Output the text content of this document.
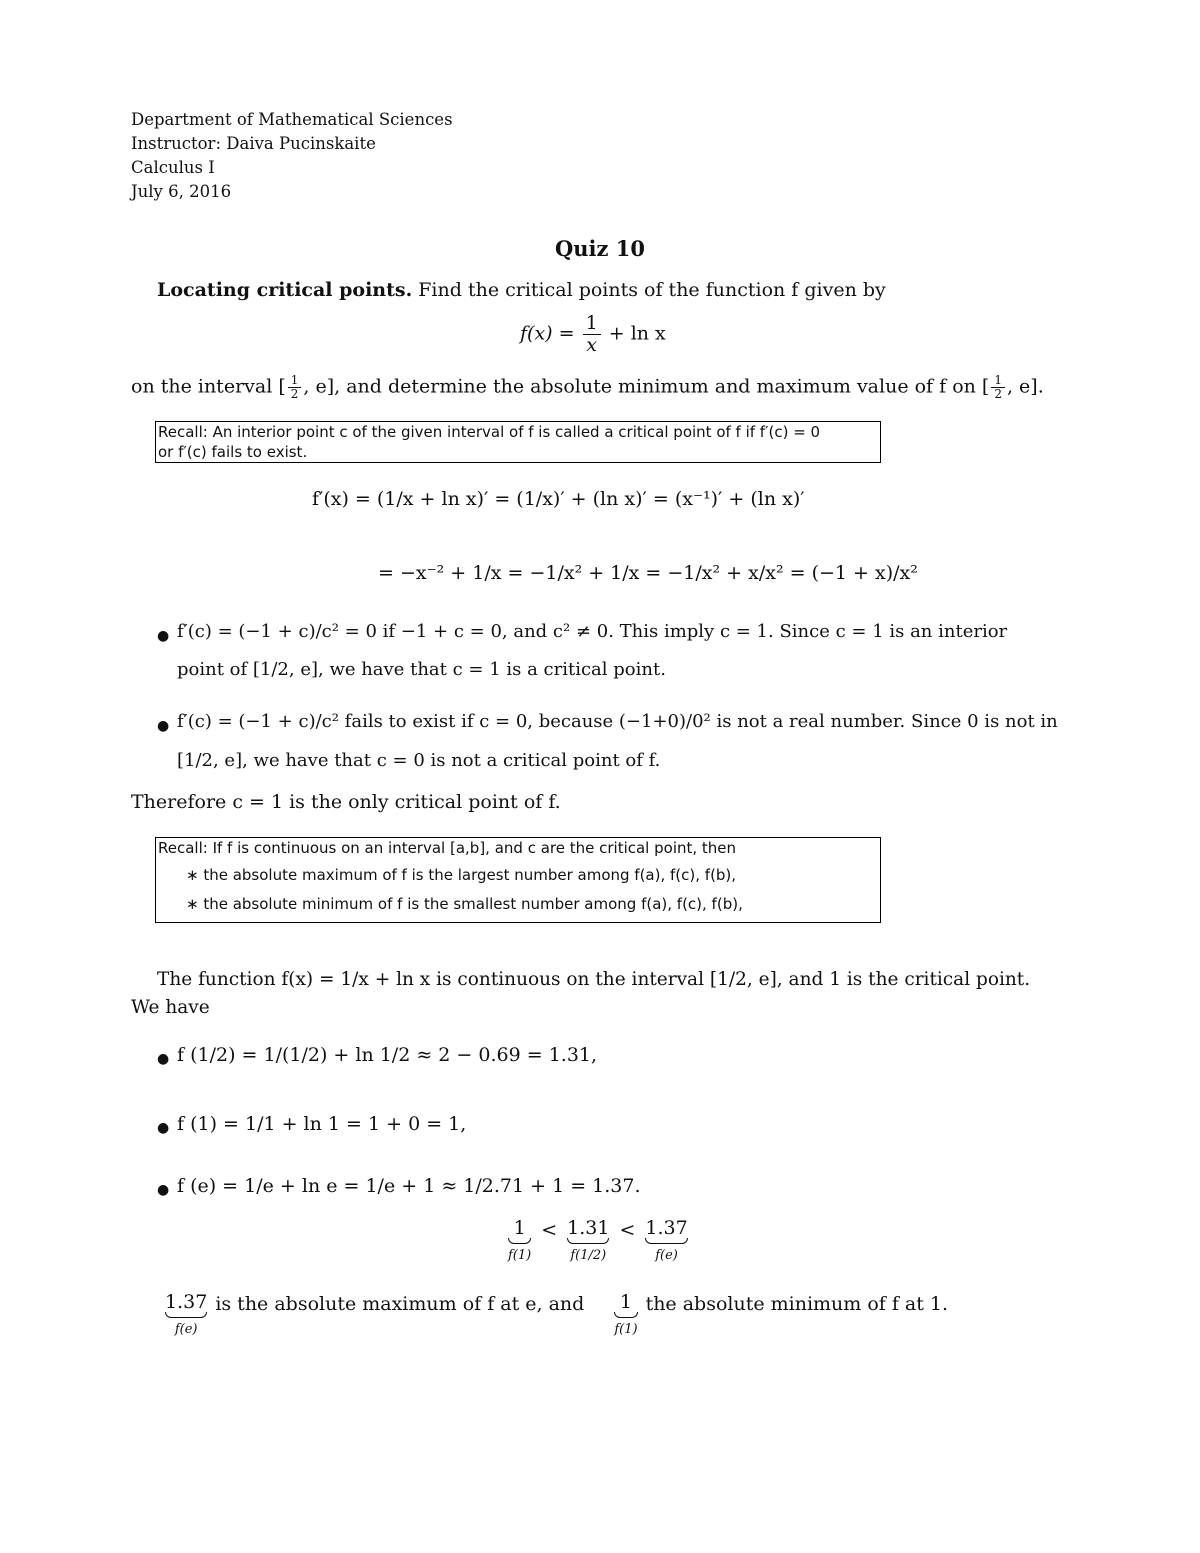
Department of Mathematical Sciences
Instructor: Daiva Pucinskaite
Calculus I
July 6, 2016
Quiz 10
Locating critical points. Find the critical points of the function f given by
$f(x) = \frac{1}{x} + \ln x$
on the interval [ $\frac{1}{2}$ , e], and determine the absolute minimum and maximum value of f on [ $\frac{1}{2}$ , e].
Recall: An interior point c of the given interval of f is called a critical point of f if f′(c) = 0
or f′(c) fails to exist.
f′(x) = (1/x + ln x)′ = (1/x)′ + (ln x)′ = (x⁻¹)′ + (ln x)′
= −x⁻² + 1/x = −1/x² + 1/x = −1/x² + x/x² = (−1 + x)/x²
● f′(c) = (−1 + c)/c² = 0 if −1 + c = 0, and c² ≠ 0. This imply c = 1. Since c = 1 is an interior
point of [1/2, e], we have that c = 1 is a critical point.
● f′(c) = (−1 + c)/c² fails to exist if c = 0, because (−1+0)/0² is not a real number. Since 0 is not in
[1/2, e], we have that c = 0 is not a critical point of f.
Therefore c = 1 is the only critical point of f.
Recall: If f is continuous on an interval [a,b], and c are the critical point, then
∗ the absolute maximum of f is the largest number among f(a), f(c), f(b),
∗ the absolute minimum of f is the smallest number among f(a), f(c), f(b),
The function f(x) = 1/x + ln x is continuous on the interval [1/2, e], and 1 is the critical point.
We have
● f (1/2) = 1/(1/2) + ln 1/2 ≈ 2 − 0.69 = 1.31,
● f (1) = 1/1 + ln 1 = 1 + 0 = 1,
● f (e) = 1/e + ln e = 1/e + 1 ≈ 1/2.71 + 1 = 1.37.
1
f(1)
< 1.31
f(1/2)
< 1.37
f(e)
1.37
f(e)
is the absolute maximum of f at e, and 1
f(1)
the absolute minimum of f at 1.
